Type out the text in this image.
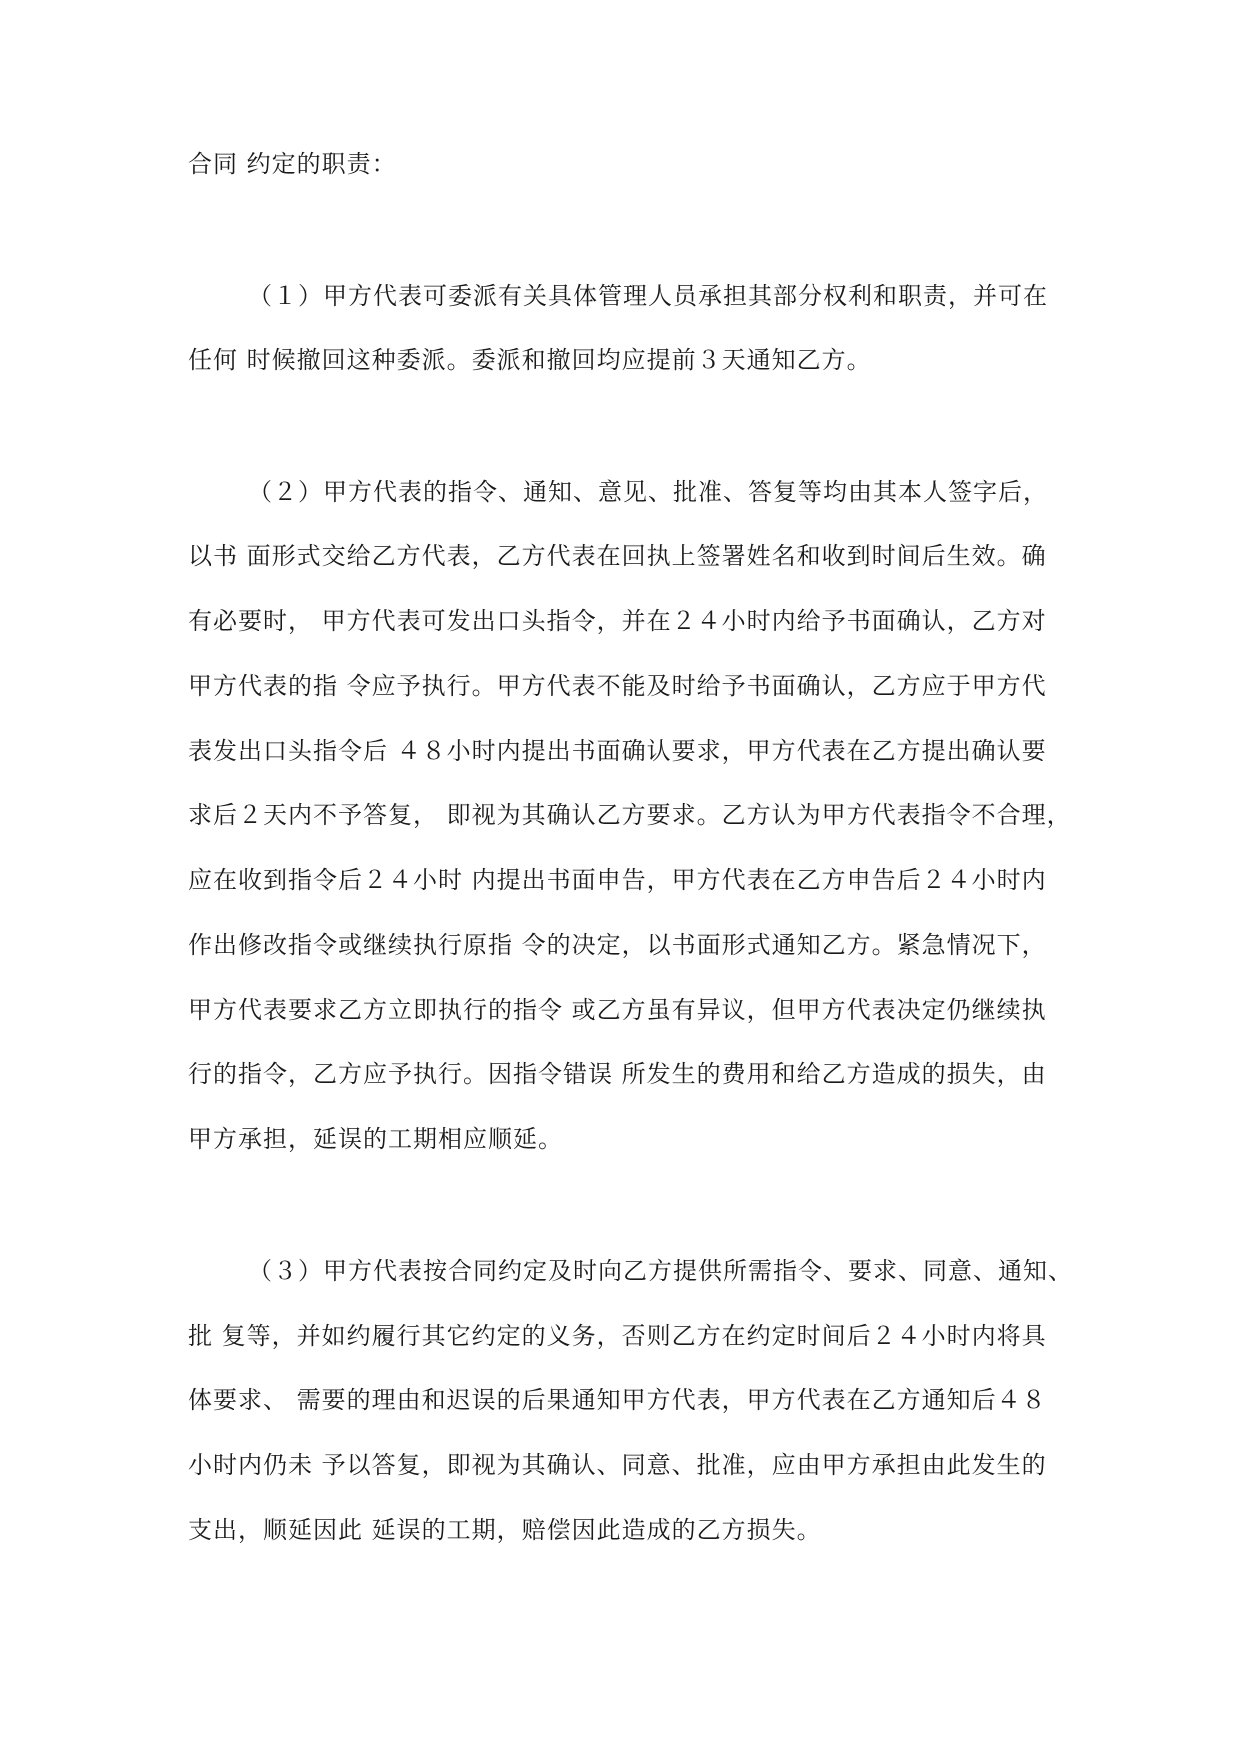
合同 约定的职责：
（１）甲方代表可委派有关具体管理人员承担其部分权利和职责，并可在
任何 时候撤回这种委派。委派和撤回均应提前３天通知乙方。
（２）甲方代表的指令、通知、意见、批准、答复等均由其本人签字后，
以书 面形式交给乙方代表，乙方代表在回执上签署姓名和收到时间后生效。确
有必要时， 甲方代表可发出口头指令，并在２４小时内给予书面确认，乙方对
甲方代表的指 令应予执行。甲方代表不能及时给予书面确认，乙方应于甲方代
表发出口头指令后 ４８小时内提出书面确认要求，甲方代表在乙方提出确认要
求后２天内不予答复， 即视为其确认乙方要求。乙方认为甲方代表指令不合理，
应在收到指令后２４小时 内提出书面申告，甲方代表在乙方申告后２４小时内
作出修改指令或继续执行原指 令的决定，以书面形式通知乙方。紧急情况下，
甲方代表要求乙方立即执行的指令 或乙方虽有异议，但甲方代表决定仍继续执
行的指令，乙方应予执行。因指令错误 所发生的费用和给乙方造成的损失，由
甲方承担，延误的工期相应顺延。
（３）甲方代表按合同约定及时向乙方提供所需指令、要求、同意、通知、
批 复等，并如约履行其它约定的义务，否则乙方在约定时间后２４小时内将具
体要求、 需要的理由和迟误的后果通知甲方代表，甲方代表在乙方通知后４８
小时内仍未 予以答复，即视为其确认、同意、批准，应由甲方承担由此发生的
支出，顺延因此 延误的工期，赔偿因此造成的乙方损失。
